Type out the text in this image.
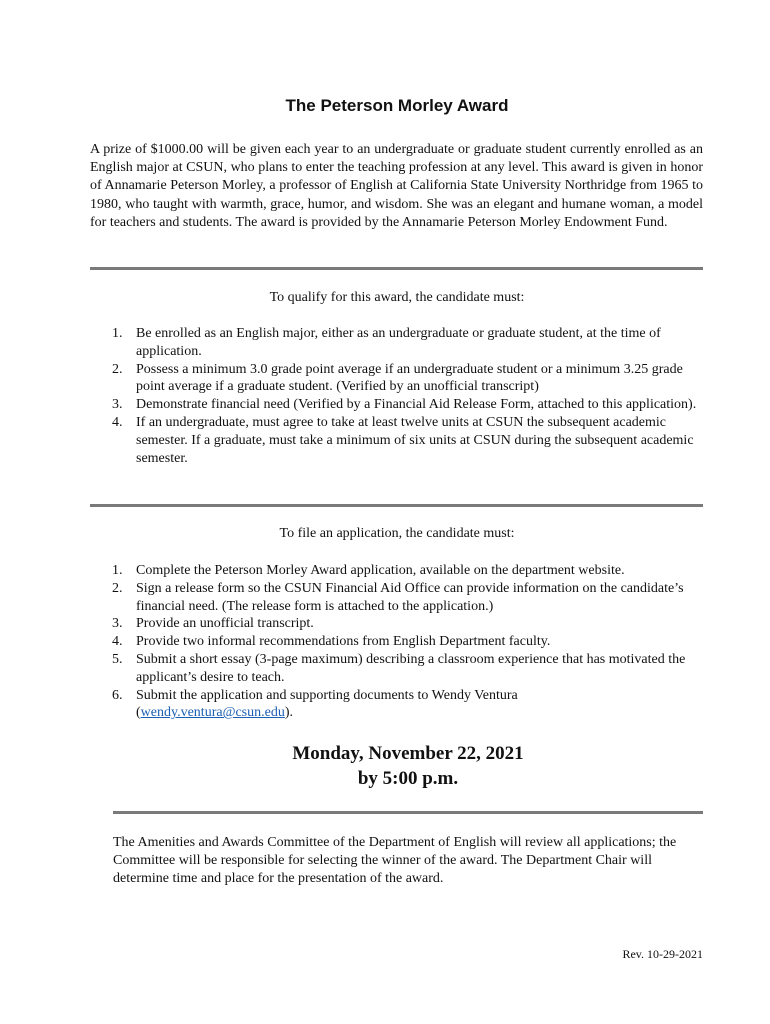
The Peterson Morley Award

A prize of $1000.00 will be given each year to an undergraduate or graduate student currently enrolled as an English major at CSUN, who plans to enter the teaching profession at any level. This award is given in honor of Annamarie Peterson Morley, a professor of English at California State University Northridge from 1965 to 1980, who taught with warmth, grace, humor, and wisdom. She was an elegant and humane woman, a model for teachers and students. The award is provided by the Annamarie Peterson Morley Endowment Fund.

To qualify for this award, the candidate must:

1. Be enrolled as an English major, either as an undergraduate or graduate student, at the time of application.
2. Possess a minimum 3.0 grade point average if an undergraduate student or a minimum 3.25 grade point average if a graduate student. (Verified by an unofficial transcript)
3. Demonstrate financial need (Verified by a Financial Aid Release Form, attached to this application).
4. If an undergraduate, must agree to take at least twelve units at CSUN the subsequent academic semester. If a graduate, must take a minimum of six units at CSUN during the subsequent academic semester.

To file an application, the candidate must:

1. Complete the Peterson Morley Award application, available on the department website.
2. Sign a release form so the CSUN Financial Aid Office can provide information on the candidate’s financial need. (The release form is attached to the application.)
3. Provide an unofficial transcript.
4. Provide two informal recommendations from English Department faculty.
5. Submit a short essay (3-page maximum) describing a classroom experience that has motivated the applicant’s desire to teach.
6. Submit the application and supporting documents to Wendy Ventura
(wendy.ventura@csun.edu).
Monday, November 22, 2021
by 5:00 p.m.

The Amenities and Awards Committee of the Department of English will review all applications; the Committee will be responsible for selecting the winner of the award. The Department Chair will determine time and place for the presentation of the award.

Rev. 10-29-2021
